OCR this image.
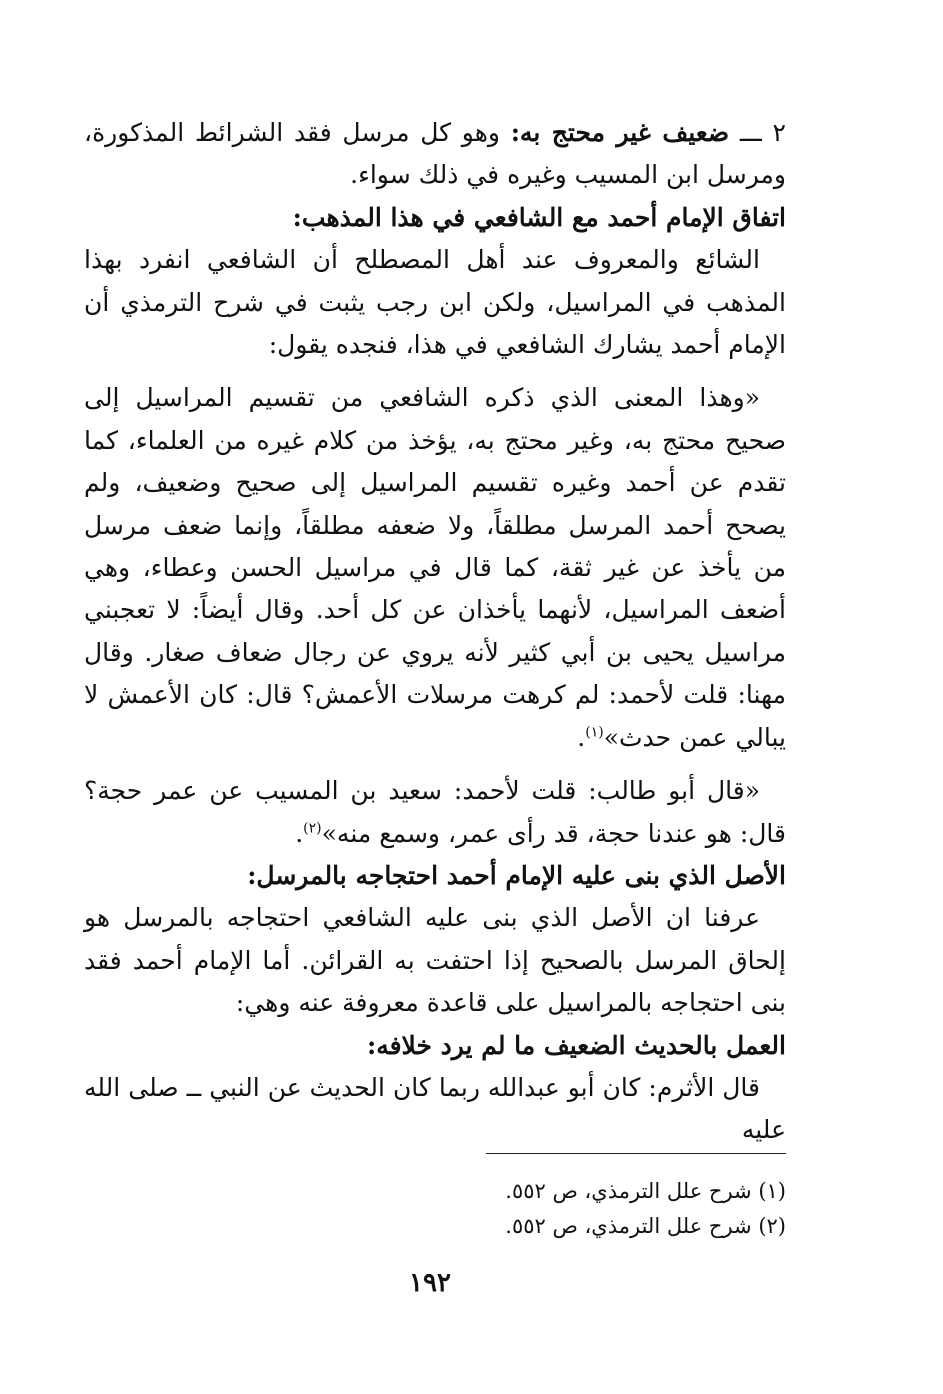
٢ ـــ ضعيف غير محتج به: وهو كل مرسل فقد الشرائط المذكورة، ومرسل ابن المسيب وغيره في ذلك سواء.

اتفاق الإمام أحمد مع الشافعي في هذا المذهب:

الشائع والمعروف عند أهل المصطلح أن الشافعي انفرد بهذا المذهب في المراسيل، ولكن ابن رجب يثبت في شرح الترمذي أن الإمام أحمد يشارك الشافعي في هذا، فنجده يقول:

«وهذا المعنى الذي ذكره الشافعي من تقسيم المراسيل إلى صحيح محتج به، وغير محتج به، يؤخذ من كلام غيره من العلماء، كما تقدم عن أحمد وغيره تقسيم المراسيل إلى صحيح وضعيف، ولم يصحح أحمد المرسل مطلقاً، ولا ضعفه مطلقاً، وإنما ضعف مرسل من يأخذ عن غير ثقة، كما قال في مراسيل الحسن وعطاء، وهي أضعف المراسيل، لأنهما يأخذان عن كل أحد. وقال أيضاً: لا تعجبني مراسيل يحيى بن أبي كثير لأنه يروي عن رجال ضعاف صغار. وقال مهنا: قلت لأحمد: لم كرهت مرسلات الأعمش؟ قال: كان الأعمش لا يبالي عمن حدث»$^{(١)}$.

«قال أبو طالب: قلت لأحمد: سعيد بن المسيب عن عمر حجة؟ قال: هو عندنا حجة، قد رأى عمر، وسمع منه»$^{(٢)}$.

الأصل الذي بنى عليه الإمام أحمد احتجاجه بالمرسل:

عرفنا ان الأصل الذي بنى عليه الشافعي احتجاجه بالمرسل هو إلحاق المرسل بالصحيح إذا احتفت به القرائن. أما الإمام أحمد فقد بنى احتجاجه بالمراسيل على قاعدة معروفة عنه وهي:

العمل بالحديث الضعيف ما لم يرد خلافه:

قال الأثرم: كان أبو عبدالله ربما كان الحديث عن النبي ــ صلى الله عليه

(١) شرح علل الترمذي، ص ٥٥٢.

(٢) شرح علل الترمذي، ص ٥٥٢.

١٩٢
